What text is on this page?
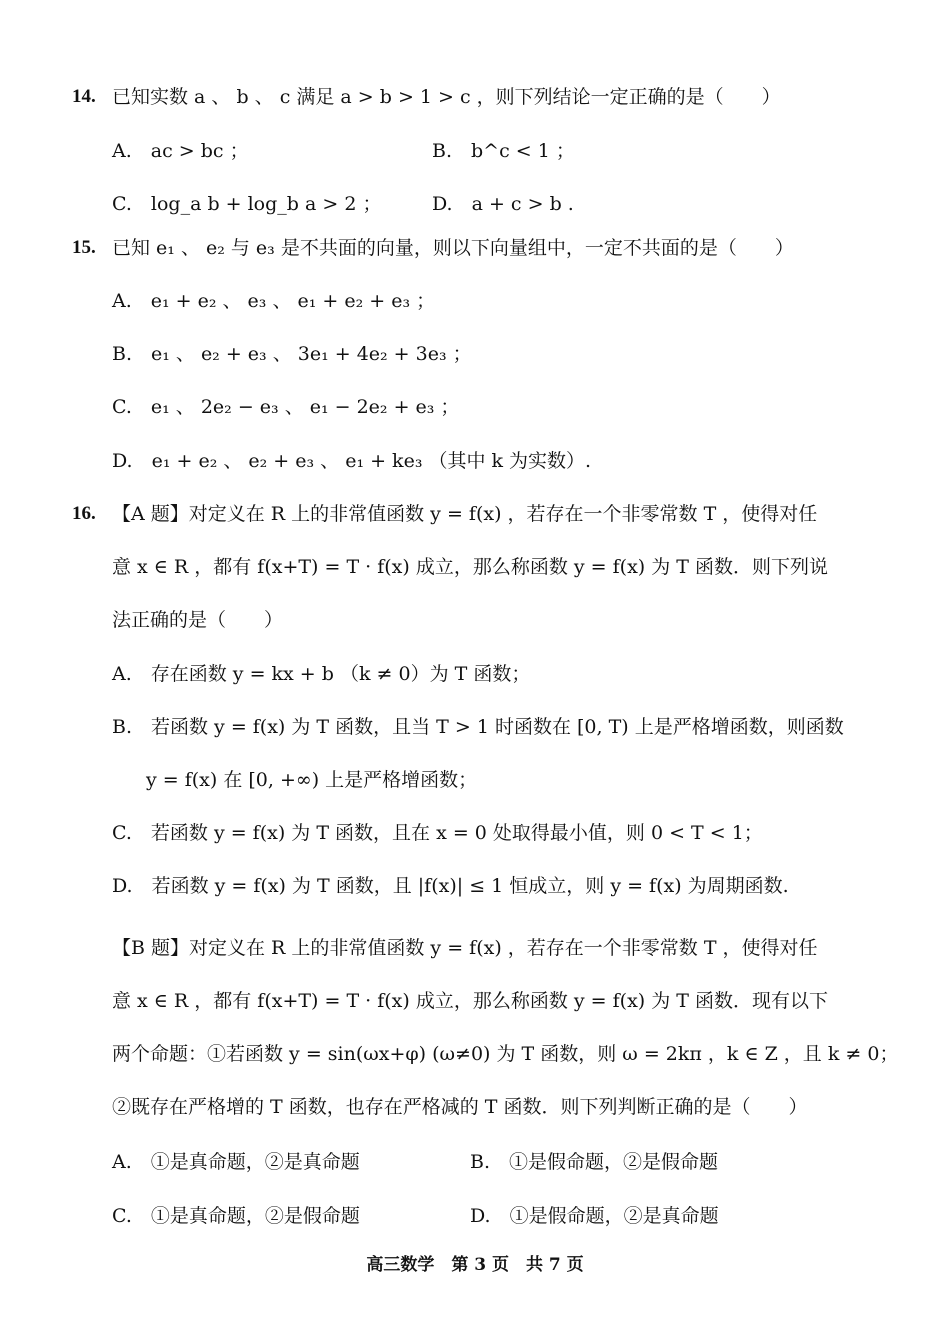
14. 已知实数 a 、 b 、 c 满足 a > b > 1 > c ，则下列结论一定正确的是（　　）
A.　ac > bc ；	B.　b^c < 1 ；
C.　log_a b + log_b a > 2 ；	D.　a + c > b .
15. 已知 e₁ 、 e₂ 与 e₃ 是不共面的向量，则以下向量组中，一定不共面的是（　　）
A.　e₁ + e₂ 、 e₃ 、 e₁ + e₂ + e₃ ；
B.　e₁ 、 e₂ + e₃ 、 3e₁ + 4e₂ + 3e₃ ；
C.　e₁ 、 2e₂ − e₃ 、 e₁ − 2e₂ + e₃ ；
D.　e₁ + e₂ 、 e₂ + e₃ 、 e₁ + ke₃ （其中 k 为实数）.
16. 【A 题】对定义在 R 上的非常值函数 y = f(x) ，若存在一个非零常数 T ，使得对任
意 x ∈ R ，都有 f(x+T) = T · f(x) 成立，那么称函数 y = f(x) 为 T 函数．则下列说
法正确的是（　　）
A.　存在函数 y = kx + b （k ≠ 0）为 T 函数；
B.　若函数 y = f(x) 为 T 函数，且当 T > 1 时函数在 [0, T) 上是严格增函数，则函数
y = f(x) 在 [0, +∞) 上是严格增函数；
C.　若函数 y = f(x) 为 T 函数，且在 x = 0 处取得最小值，则 0 < T < 1；
D.　若函数 y = f(x) 为 T 函数，且 |f(x)| ≤ 1 恒成立，则 y = f(x) 为周期函数.
【B 题】对定义在 R 上的非常值函数 y = f(x) ，若存在一个非零常数 T ，使得对任
意 x ∈ R ，都有 f(x+T) = T · f(x) 成立，那么称函数 y = f(x) 为 T 函数．现有以下
两个命题：①若函数 y = sin(ωx+φ) (ω≠0) 为 T 函数，则 ω = 2kπ ，k ∈ Z ，且 k ≠ 0；
②既存在严格增的 T 函数，也存在严格减的 T 函数．则下列判断正确的是（　　）
A.　①是真命题，②是真命题	B.　①是假命题，②是假命题
C.　①是真命题，②是假命题	D.　①是假命题，②是真命题
高三数学　第 3 页　共 7 页
